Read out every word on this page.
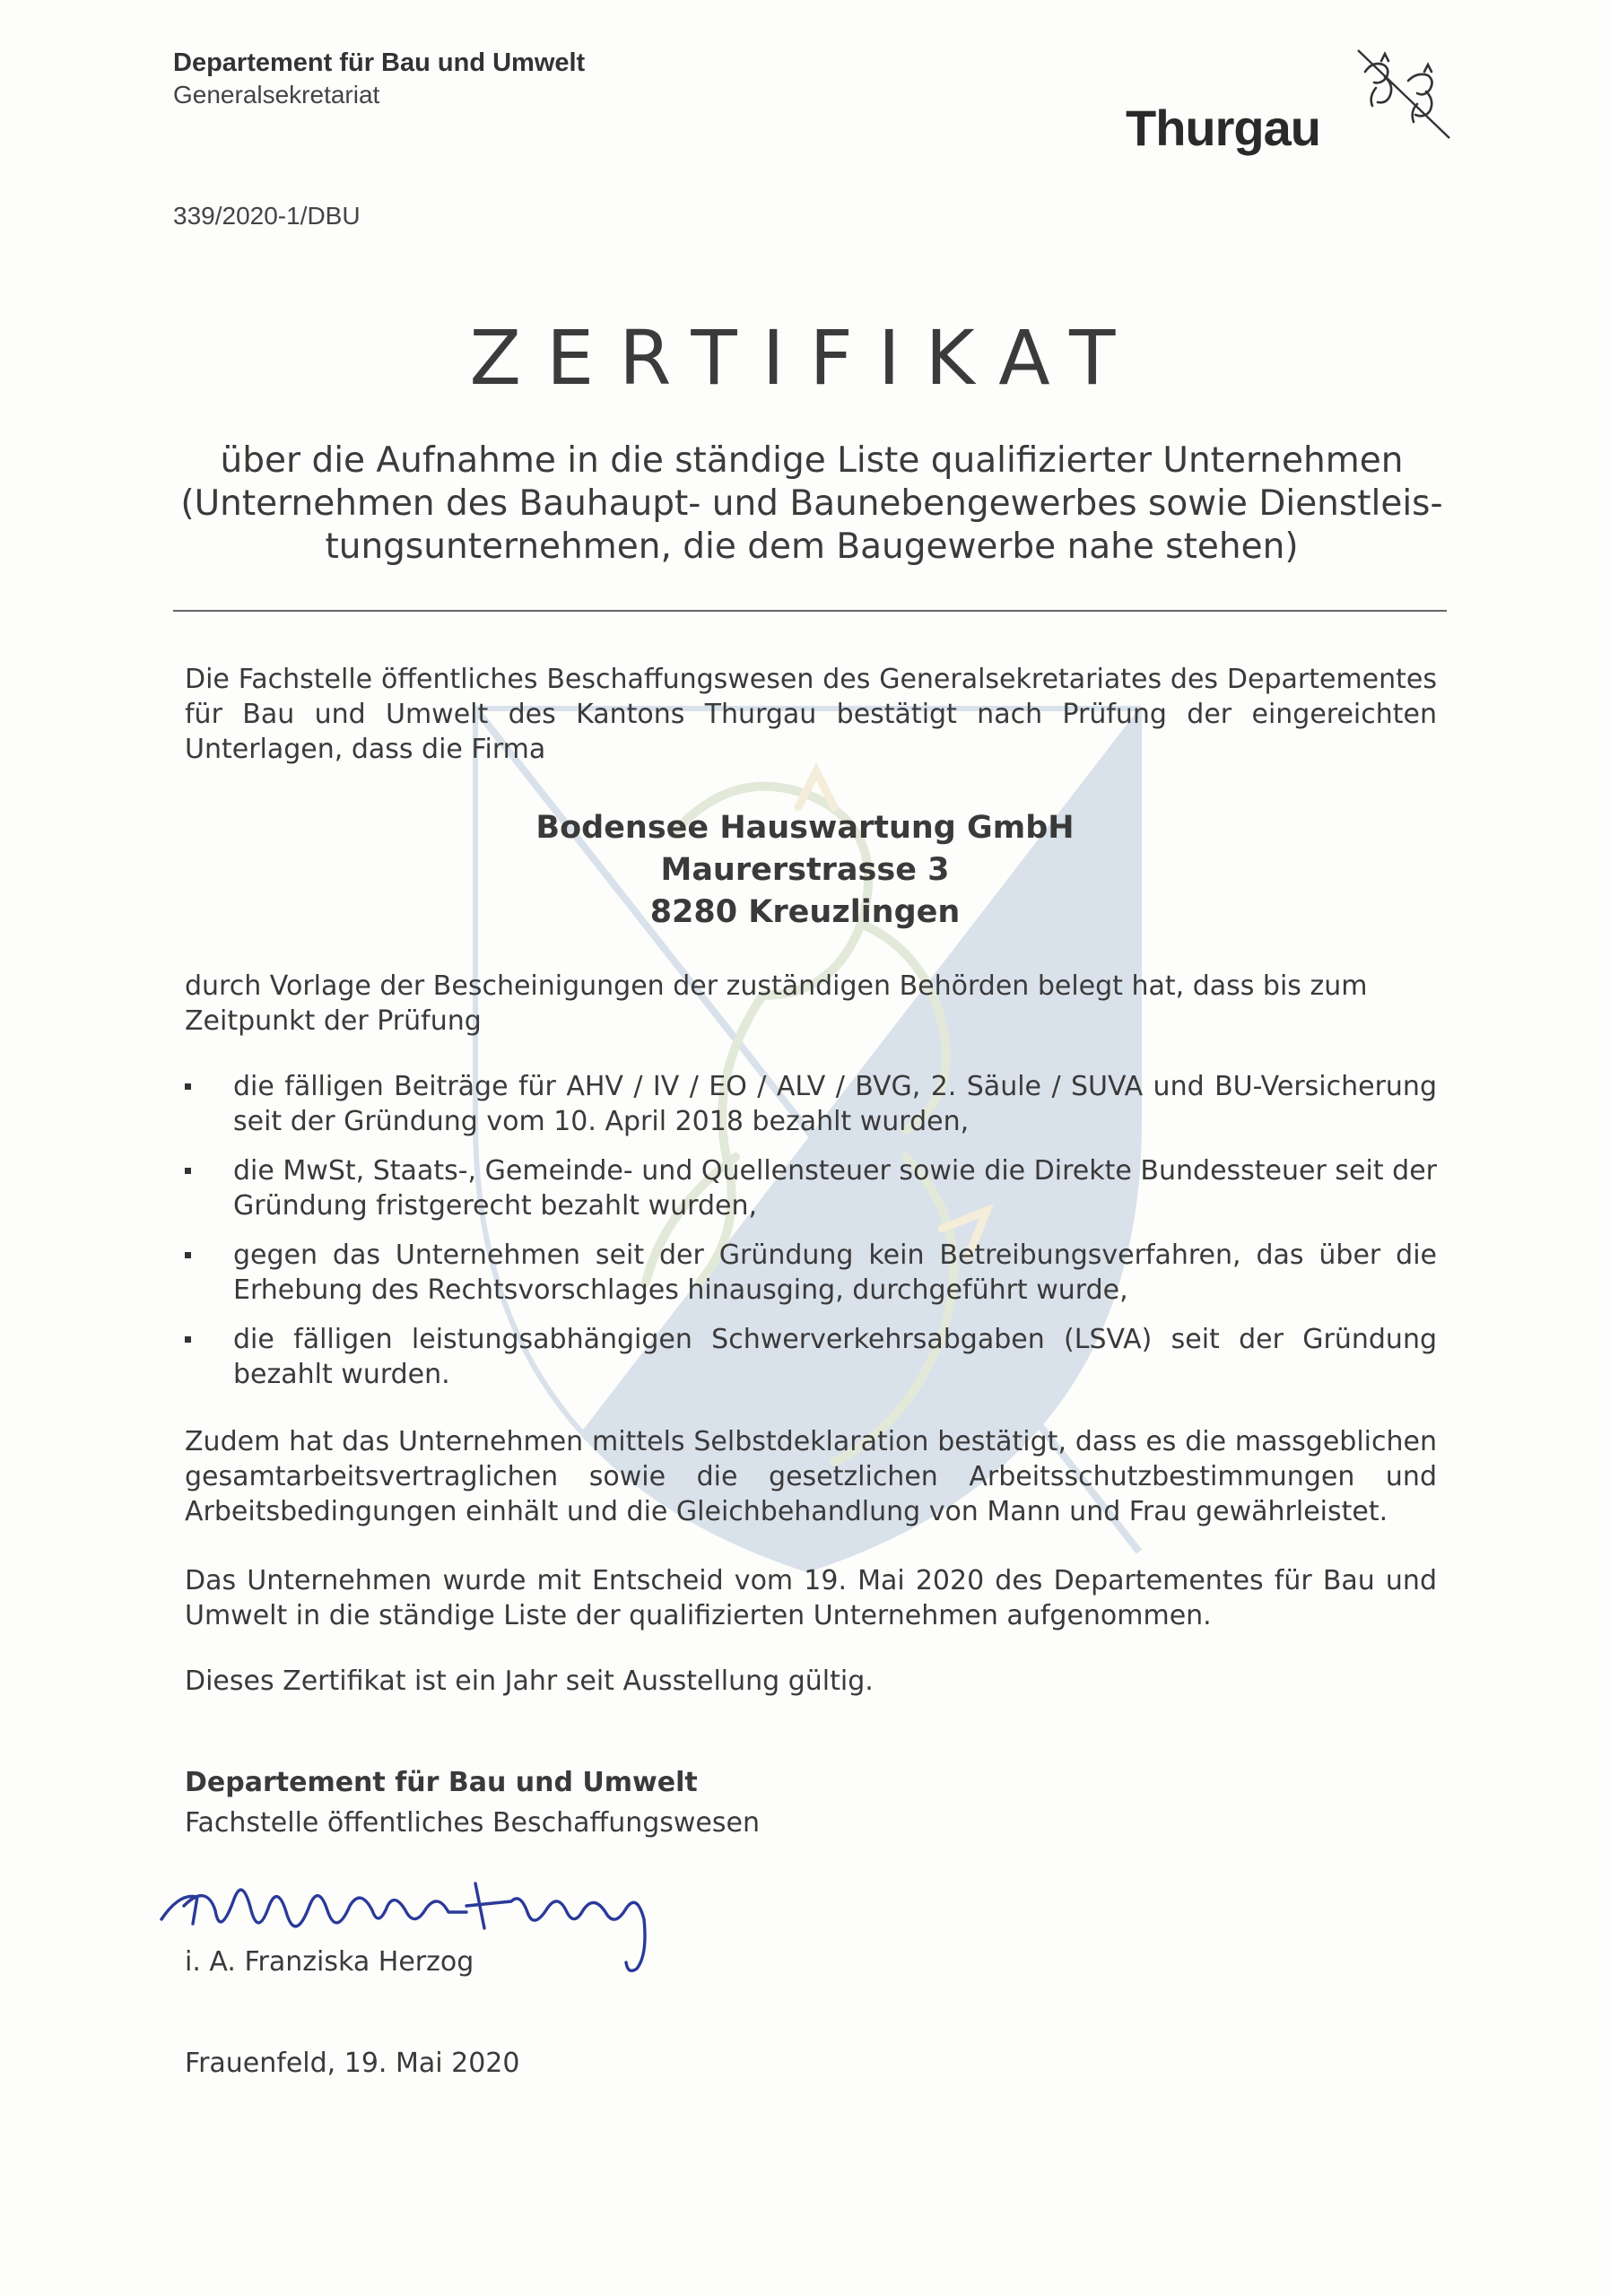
Departement für Bau und Umwelt
Generalsekretariat
Thurgau
339/2020-1/DBU
ZERTIFIKAT
über die Aufnahme in die ständige Liste qualifizierter Unternehmen
(Unternehmen des Bauhaupt- und Baunebengewerbes sowie Dienstleis-
tungsunternehmen, die dem Baugewerbe nahe stehen)
Die Fachstelle öffentliches Beschaffungswesen des Generalsekretariates des Departementes für Bau und Umwelt des Kantons Thurgau bestätigt nach Prüfung der eingereichten Unterlagen, dass die Firma
Bodensee Hauswartung GmbH
Maurerstrasse 3
8280 Kreuzlingen
durch Vorlage der Bescheinigungen der zuständigen Behörden belegt hat, dass bis zum Zeitpunkt der Prüfung
die fälligen Beiträge für AHV / IV / EO / ALV / BVG, 2. Säule / SUVA und BU-Versicherung seit der Gründung vom 10. April 2018 bezahlt wurden,
die MwSt, Staats-, Gemeinde- und Quellensteuer sowie die Direkte Bundessteuer seit der Gründung fristgerecht bezahlt wurden,
gegen das Unternehmen seit der Gründung kein Betreibungsverfahren, das über die Erhebung des Rechtsvorschlages hinausging, durchgeführt wurde,
die fälligen leistungsabhängigen Schwerverkehrsabgaben (LSVA) seit der Gründung bezahlt wurden.
Zudem hat das Unternehmen mittels Selbstdeklaration bestätigt, dass es die massgeblichen gesamtarbeitsvertraglichen sowie die gesetzlichen Arbeitsschutzbestimmungen und Arbeitsbedingungen einhält und die Gleichbehandlung von Mann und Frau gewährleistet.
Das Unternehmen wurde mit Entscheid vom 19. Mai 2020 des Departementes für Bau und Umwelt in die ständige Liste der qualifizierten Unternehmen aufgenommen.
Dieses Zertifikat ist ein Jahr seit Ausstellung gültig.
Departement für Bau und Umwelt
Fachstelle öffentliches Beschaffungswesen
i. A. Franziska Herzog
Frauenfeld, 19. Mai 2020
